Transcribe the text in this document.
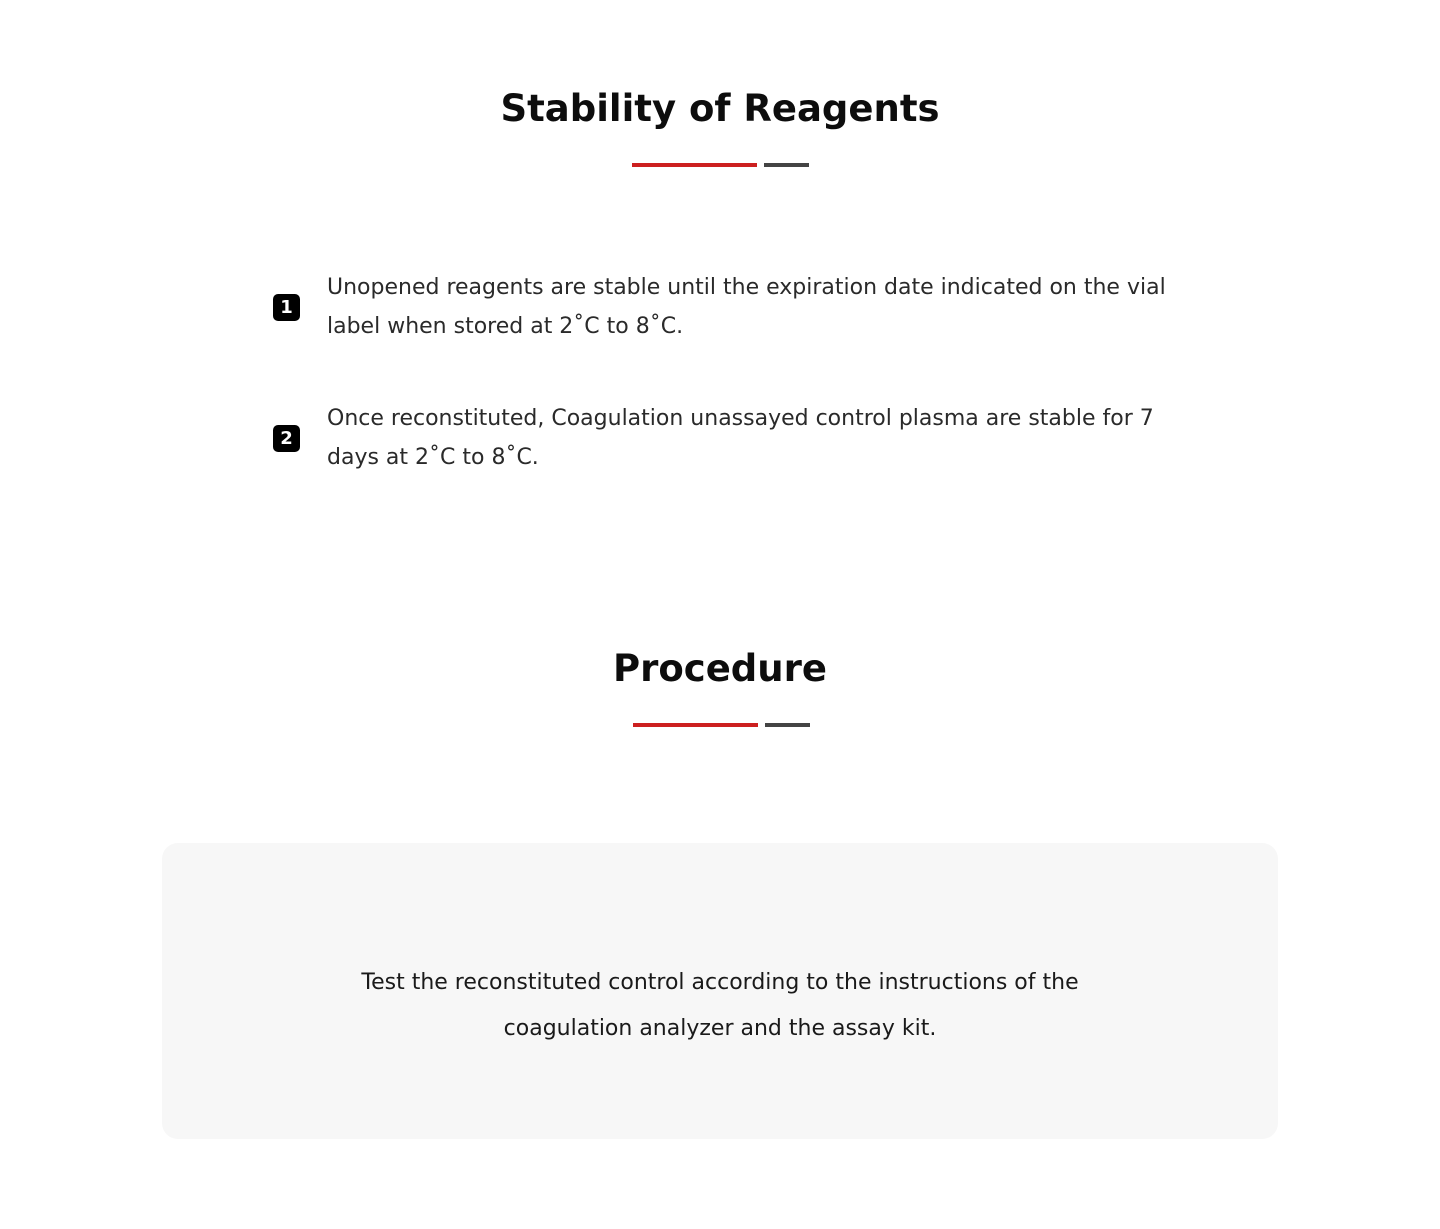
Stability of Reagents
1
Unopened reagents are stable until the expiration date indicated on the vial label when stored at 2˚C to 8˚C.
2
Once reconstituted, Coagulation unassayed control plasma are stable for 7 days at 2˚C to 8˚C.
Procedure

Test the reconstituted control according to the instructions of the coagulation analyzer and the assay kit.
